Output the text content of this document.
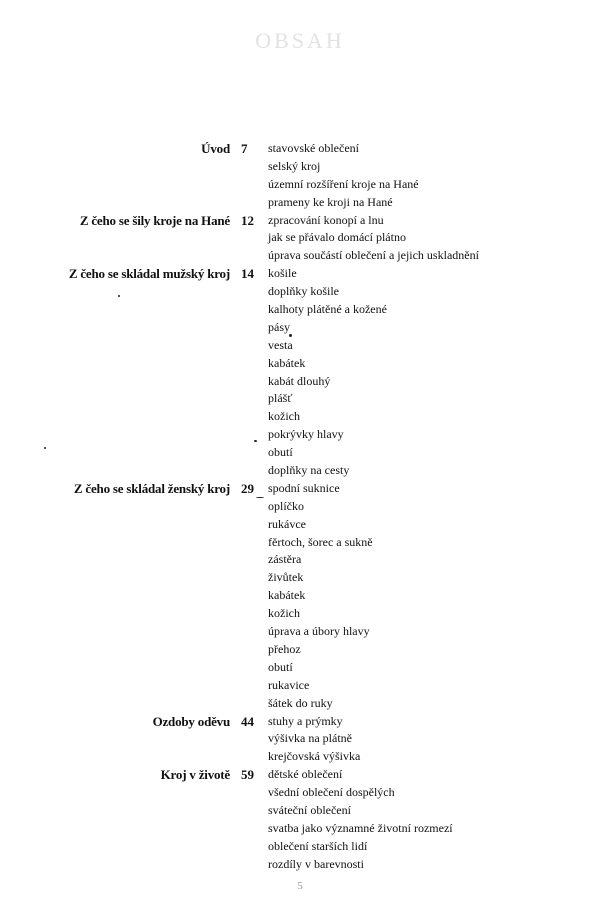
OBSAH
Úvod 7 stavovské oblečení
selský kroj
územní rozšíření kroje na Hané
prameny ke kroji na Hané
Z čeho se šily kroje na Hané 12 zpracování konopí a lnu
jak se přávalo domácí plátno
úprava součástí oblečení a jejich uskladnění
Z čeho se skládal mužský kroj 14 košile
doplňky košile
kalhoty plátěné a kožené
pásy
vesta
kabátek
kabát dlouhý
plášť
kožich
pokrývky hlavy
obutí
doplňky na cesty
Z čeho se skládal ženský kroj 29 spodní suknice
oplíčko
rukávce
fěrtoch, šorec a sukně
zástěra
živůtek
kabátek
kožich
úprava a úbory hlavy
přehoz
obutí
rukavice
šátek do ruky
Ozdoby oděvu 44 stuhy a prýmky
výšivka na plátně
krejčovská výšivka
Kroj v životě 59 dětské oblečení
všední oblečení dospělých
sváteční oblečení
svatba jako významné životní rozmezí
oblečení starších lidí
rozdíly v barevnosti
5
